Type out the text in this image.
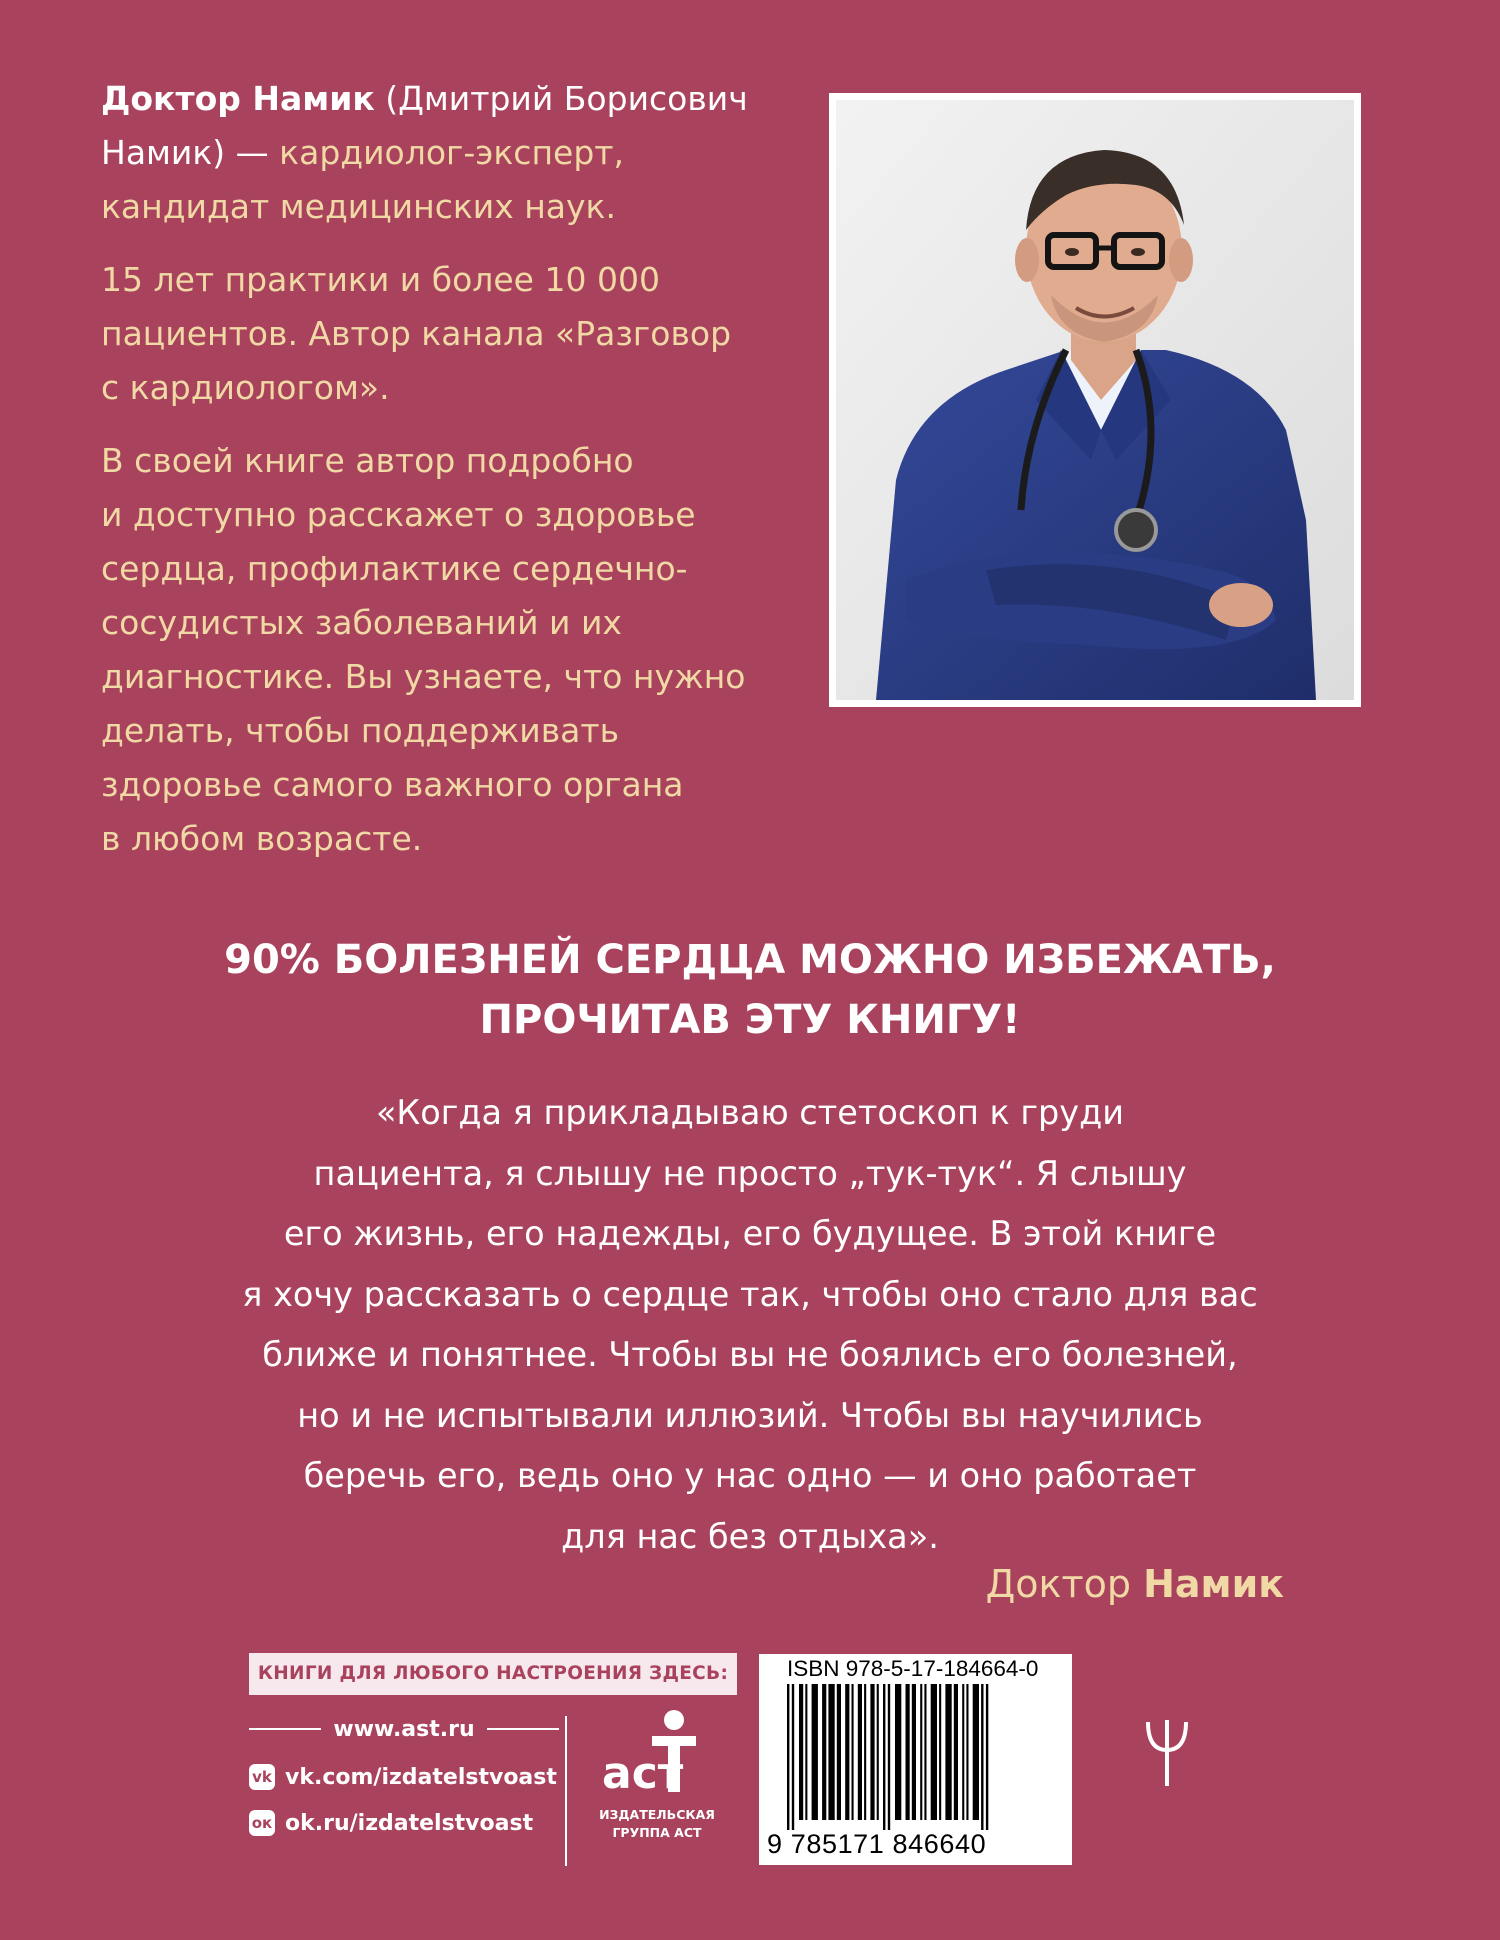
Доктор Намик (Дмитрий Борисович
Намик) — кардиолог-эксперт,
кандидат медицинских наук.

15 лет практики и более 10 000
пациентов. Автор канала «Разговор
с кардиологом».

В своей книге автор подробно
и доступно расскажет о здоровье
сердца, профилактике сердечно-
сосудистых заболеваний и их
диагностике. Вы узнаете, что нужно
делать, чтобы поддерживать
здоровье самого важного органа
в любом возрасте.

90% БОЛЕЗНЕЙ СЕРДЦА МОЖНО ИЗБЕЖАТЬ,
ПРОЧИТАВ ЭТУ КНИГУ!
«Когда я прикладываю стетоскоп к груди
пациента, я слышу не просто „тук-тук“. Я слышу
его жизнь, его надежды, его будущее. В этой книге
я хочу рассказать о сердце так, чтобы оно стало для вас
ближе и понятнее. Чтобы вы не боялись его болезней,
но и не испытывали иллюзий. Чтобы вы научились
беречь его, ведь оно у нас одно — и оно работает
для нас без отдыха».
Доктор Намик
КНИГИ ДЛЯ ЛЮБОГО НАСТРОЕНИЯ ЗДЕСЬ:
www.ast.ru
vk vk.com/izdatelstvoast
ок ok.ru/izdatelstvoast
аст
ИЗДАТЕЛЬСКАЯ
ГРУППА АСТ
ISBN 978-5-17-184664-0
9 785171 846640
